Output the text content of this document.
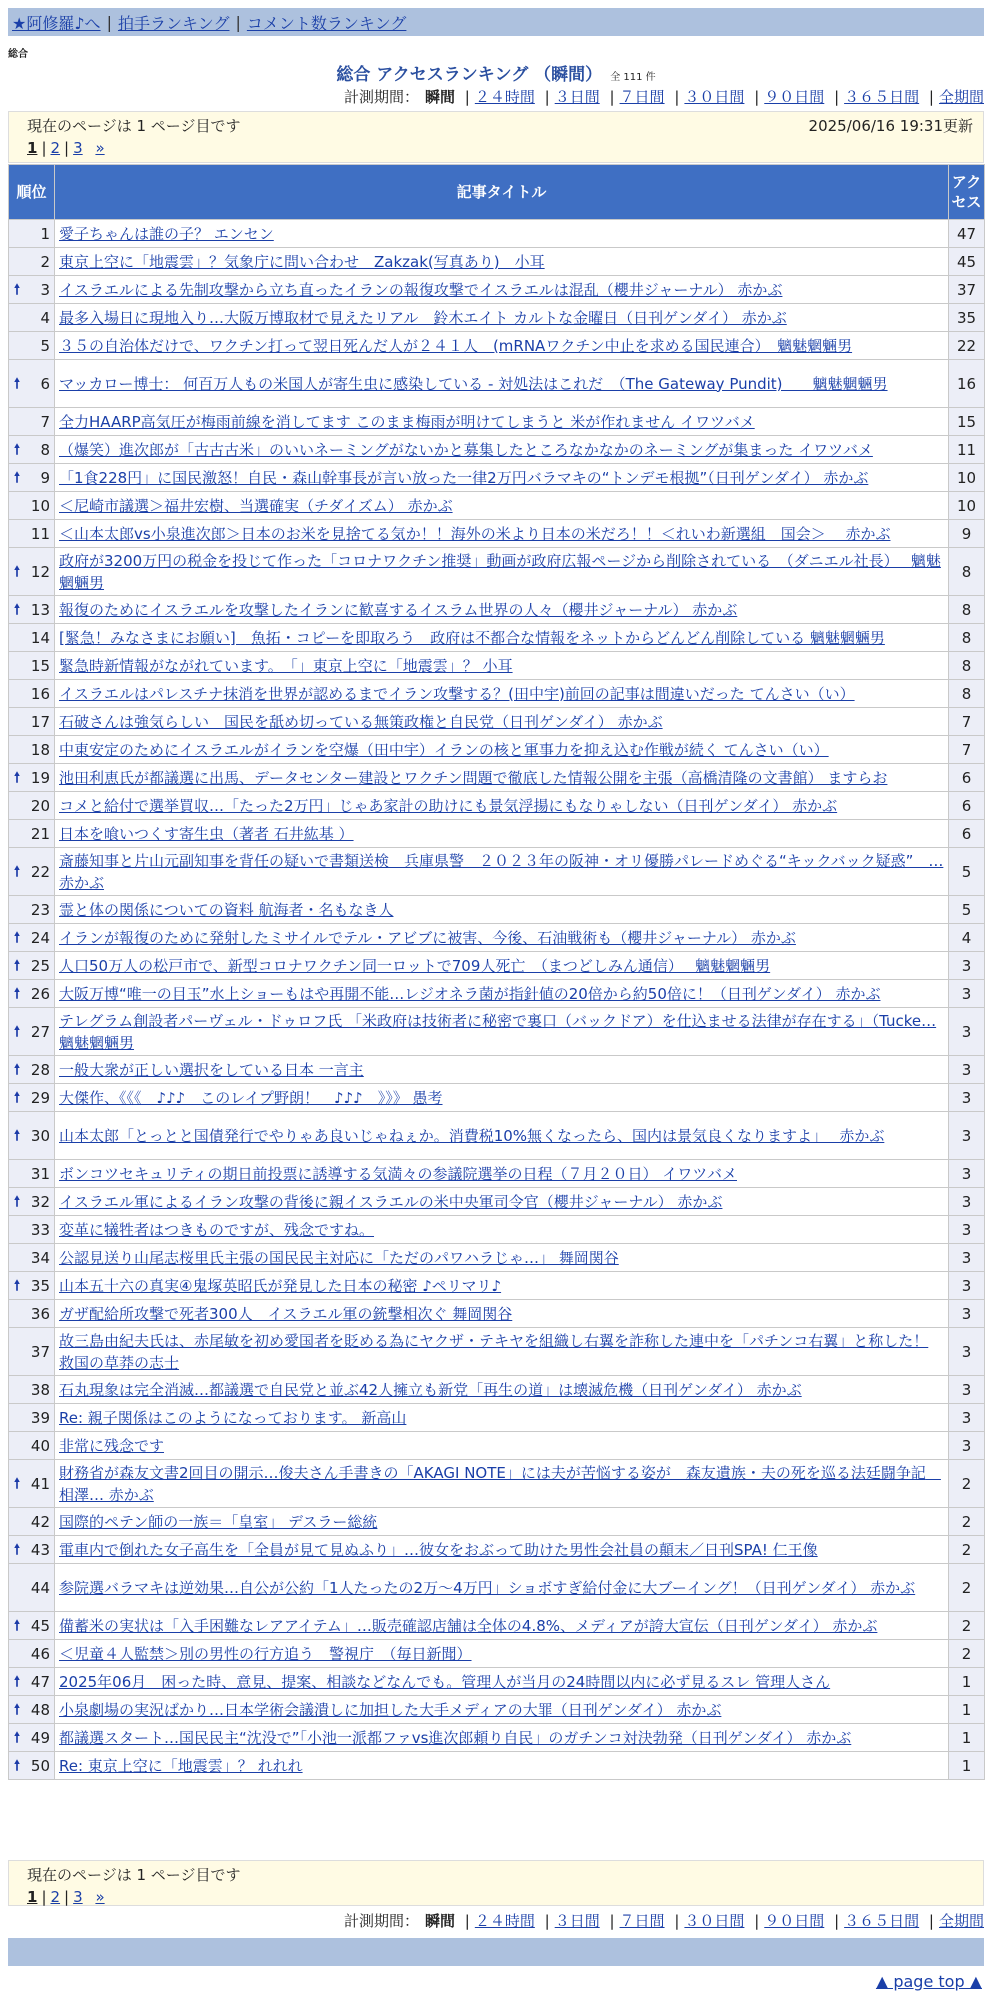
★阿修羅♪へ | 拍手ランキング | コメント数ランキング
総合
総合 アクセスランキング （瞬間） 全 111 件
計測期間： 瞬間 | ２４時間 | ３日間 | ７日間 | ３０日間 | ９０日間 | ３６５日間 | 全期間
現在のページは 1 ページ目です	2025/06/16 19:31更新
1 | 2 | 3
»
順位	記事タイトル	アクセス
1	愛子ちゃんは誰の子？ エンセン	47
2	東京上空に「地震雲」？気象庁に問い合わせ　Zakzak(写真あり)　小耳	45

🠕 3	イスラエルによる先制攻撃から立ち直ったイランの報復攻撃でイスラエルは混乱（櫻井ジャーナル） 赤かぶ	37
4	最多入場日に現地入り…大阪万博取材で見えたリアル　鈴木エイト カルトな金曜日（日刊ゲンダイ） 赤かぶ	35
5	３５の自治体だけで、ワクチン打って翌日死んだ人が２４１人　(mRNAワクチン中止を求める国民連合）　魑魅魍魎男	22

🠕 6	マッカロー博士： 何百万人もの米国人が寄生虫に感染している - 対処法はこれだ　（The Gateway Pundit)　　魑魅魍魎男	16
7	全力HAARP高気圧が梅雨前線を消してます このまま梅雨が明けてしまうと 米が作れません イワツバメ	15

🠕 8	（爆笑）進次郎が「古古古米」のいいネーミングがないかと募集したところなかなかのネーミングが集まった イワツバメ	11

🠕 9	「1食228円」に国民激怒！自民・森山幹事長が言い放った一律2万円バラマキの“トンデモ根拠”（日刊ゲンダイ） 赤かぶ	10
10	＜尼崎市議選＞福井宏樹、当選確実（チダイズム） 赤かぶ	10
11	＜山本太郎vs小泉進次郎＞日本のお米を見捨てる気か！！海外の米より日本の米だろ！！＜れいわ新選組　国会＞　 赤かぶ	9

🠕 12	政府が3200万円の税金を投じて作った「コロナワクチン推奨」動画が政府広報ページから削除されている　（ダニエル社長）　 魑魅魍魎男	8

🠕 13	報復のためにイスラエルを攻撃したイランに歓喜するイスラム世界の人々（櫻井ジャーナル） 赤かぶ	8
14	[緊急！みなさまにお願い]　魚拓・コピーを即取ろう　政府は不都合な情報をネットからどんどん削除している 魑魅魍魎男	8
15	緊急時新情報がながれています。　「」東京上空に「地震雲」？ 小耳	8
16	イスラエルはパレスチナ抹消を世界が認めるまでイラン攻撃する？(田中宇)前回の記事は間違いだった てんさい（い）	8
17	石破さんは強気らしい　国民を舐め切っている無策政権と自民党（日刊ゲンダイ） 赤かぶ	7
18	中東安定のためにイスラエルがイランを空爆（田中宇）イランの核と軍事力を抑え込む作戦が続く てんさい（い）	7

🠕 19	池田利恵氏が都議選に出馬、データセンター建設とワクチン問題で徹底した情報公開を主張（高橋清隆の文書館） ますらお	6
20	コメと給付で選挙買収…「たった2万円」じゃあ家計の助けにも景気浮揚にもなりゃしない（日刊ゲンダイ） 赤かぶ	6
21	日本を喰いつくす寄生虫（著者 石井紘基 ）	6

🠕 22	斎藤知事と片山元副知事を背任の疑いで書類送検　兵庫県警　２０２３年の阪神・オリ優勝パレードめぐる“キックバック疑惑”　… 赤かぶ	5
23	霊と体の関係についての資料 航海者・名もなき人	5

🠕 24	イランが報復のために発射したミサイルでテル・アビブに被害、今後、石油戦術も（櫻井ジャーナル） 赤かぶ	4

🠕 25	人口50万人の松戸市で、新型コロナワクチン同一ロットで709人死亡　（まつどしみん通信）　 魑魅魍魎男	3

🠕 26	大阪万博“唯一の目玉”水上ショーもはや再開不能…レジオネラ菌が指針値の20倍から約50倍に！（日刊ゲンダイ） 赤かぶ	3

🠕 27	テレグラム創設者パーヴェル・ドゥロフ氏 「米政府は技術者に秘密で裏口（バックドア）を仕込ませる法律が存在する」（Tucke… 魑魅魍魎男	3

🠕 28	一般大衆が正しい選択をしている日本 一言主	3

🠕 29	大傑作、《《《　♪♪♪　このレイプ野朗！　♪♪♪　》》》 愚考	3

🠕 30	山本太郎「とっとと国債発行でやりゃあ良いじゃねぇか。消費税10%無くなったら、国内は景気良くなりますよ」　 赤かぶ	3
31	ボンコツセキュリティの期日前投票に誘導する気満々の参議院選挙の日程（７月２０日） イワツバメ	3

🠕 32	イスラエル軍によるイラン攻撃の背後に親イスラエルの米中央軍司令官（櫻井ジャーナル） 赤かぶ	3
33	変革に犠牲者はつきものですが、残念ですね。	3
34	公認見送り山尾志桜里氏主張の国民民主対応に「ただのパワハラじゃ…」 舞岡関谷	3

🠕 35	山本五十六の真実④鬼塚英昭氏が発見した日本の秘密 ♪ペリマリ♪	3
36	ガザ配給所攻撃で死者300人　イスラエル軍の銃撃相次ぐ 舞岡関谷	3
37	故三島由紀夫氏は、赤尾敏を初め愛国者を貶める為にヤクザ・テキヤを組織し右翼を詐称した連中を「パチンコ右翼」と称した！ 救国の草莽の志士	3
38	石丸現象は完全消滅…都議選で自民党と並ぶ42人擁立も新党「再生の道」は壊滅危機（日刊ゲンダイ） 赤かぶ	3
39	Re: 親子関係はこのようになっております。 新高山	3
40	非常に残念です	3

🠕 41	財務省が森友文書2回目の開示…俊夫さん手書きの「AKAGI NOTE」には夫が苦悩する姿が　森友遺族・夫の死を巡る法廷闘争記　相澤… 赤かぶ	2
42	国際的ペテン師の一族＝「皇室」 デスラー総統	2

🠕 43	電車内で倒れた女子高生を「全員が見て見ぬふり」…彼女をおぶって助けた男性会社員の顛末／日刊SPA! 仁王像	2
44	参院選バラマキは逆効果…自公が公約「1人たったの2万～4万円」ショボすぎ給付金に大ブーイング！（日刊ゲンダイ） 赤かぶ	2

🠕 45	備蓄米の実状は「入手困難なレアアイテム」…販売確認店舗は全体の4.8%、メディアが誇大宣伝（日刊ゲンダイ） 赤かぶ	2
46	＜児童４人監禁＞別の男性の行方追う　警視庁　（毎日新聞）	2

🠕 47	2025年06月　困った時、意見、提案、相談などなんでも。管理人が当月の24時間以内に必ず見るスレ 管理人さん	1

🠕 48	小泉劇場の実況ばかり…日本学術会議潰しに加担した大手メディアの大罪（日刊ゲンダイ） 赤かぶ	1

🠕 49	都議選スタート…国民民主“沈没で”「小池一派都ファvs進次郎頼り自民」のガチンコ対決勃発（日刊ゲンダイ） 赤かぶ	1

🠕 50	Re: 東京上空に「地震雲」？ れれれ	1
現在のページは 1 ページ目です
1 | 2 | 3
»
計測期間： 瞬間 | ２４時間 | ３日間 | ７日間 | ３０日間 | ９０日間 | ３６５日間 | 全期間
▲ page top ▲
